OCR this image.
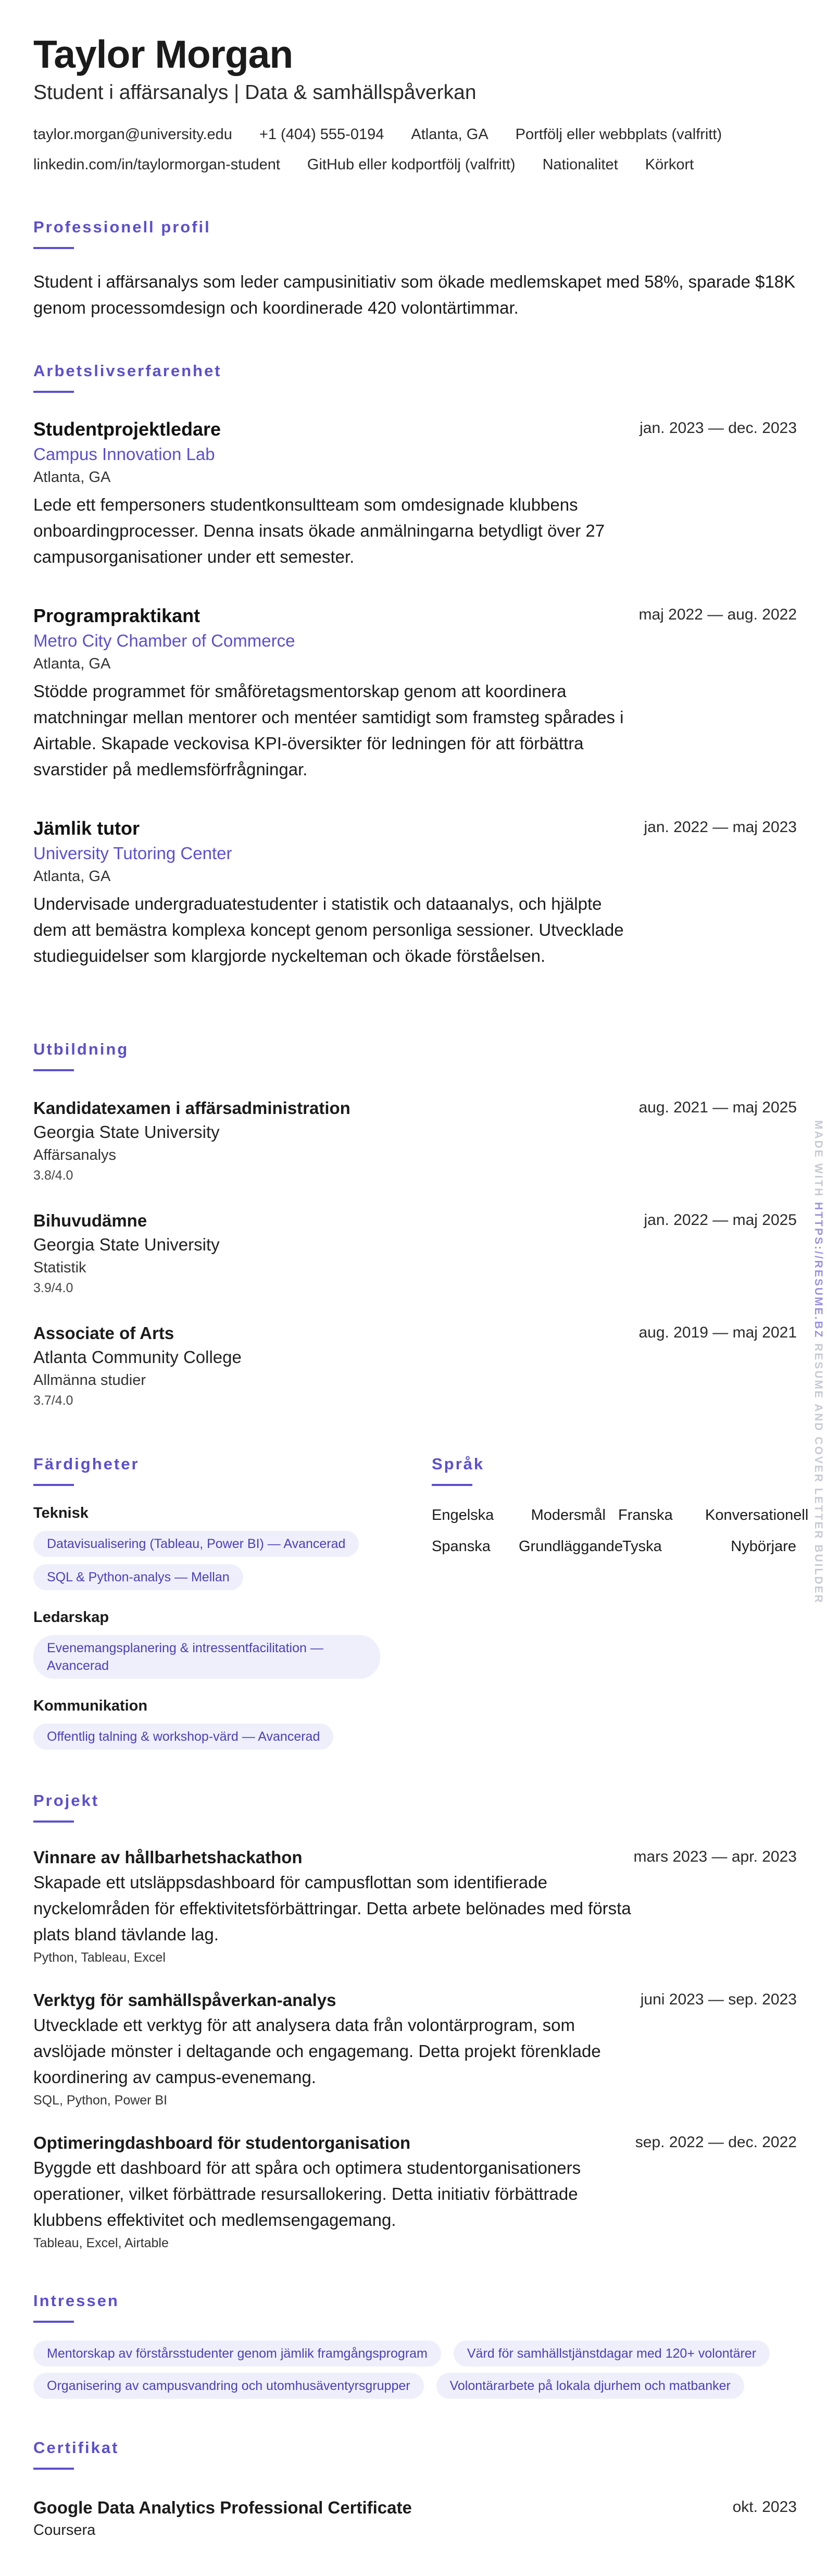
Taylor Morgan
Student i affärsanalys | Data & samhällspåverkan
taylor.morgan@university.edu +1 (404) 555-0194 Atlanta, GA Portfölj eller webbplats (valfritt)
linkedin.com/in/taylormorgan-student GitHub eller kodportfölj (valfritt) Nationalitet Körkort
Professionell profil
Student i affärsanalys som leder campusinitiativ som ökade medlemskapet med 58%, sparade $18K genom processomdesign och koordinerade 420 volontärtimmar.
Arbetslivserfarenhet
jan. 2023 — dec. 2023
Studentprojektledare
Campus Innovation Lab
Atlanta, GA
Lede ett fempersoners studentkonsultteam som omdesignade klubbens onboardingprocesser. Denna insats ökade anmälningarna betydligt över 27 campusorganisationer under ett semester.
maj 2022 — aug. 2022
Programpraktikant
Metro City Chamber of Commerce
Atlanta, GA
Stödde programmet för småföretagsmentorskap genom att koordinera matchningar mellan mentorer och mentéer samtidigt som framsteg spårades i Airtable. Skapade veckovisa KPI-översikter för ledningen för att förbättra svarstider på medlemsförfrågningar.
jan. 2022 — maj 2023
Jämlik tutor
University Tutoring Center
Atlanta, GA
Undervisade undergraduatestudenter i statistik och dataanalys, och hjälpte dem att bemästra komplexa koncept genom personliga sessioner. Utvecklade studieguidelser som klargjorde nyckelteman och ökade förståelsen.
Utbildning
aug. 2021 — maj 2025
Kandidatexamen i affärsadministration
Georgia State University
Affärsanalys
3.8/4.0
jan. 2022 — maj 2025
Bihuvudämne
Georgia State University
Statistik
3.9/4.0
aug. 2019 — maj 2021
Associate of Arts
Atlanta Community College
Allmänna studier
3.7/4.0
Färdigheter
Teknisk
Datavisualisering (Tableau, Power BI) — Avancerad
SQL & Python-analys — Mellan
Ledarskap
Evenemangsplanering & intressentfacilitation — Avancerad
Kommunikation
Offentlig talning & workshop-värd — Avancerad
Språk
Engelska	Modersmål Franska	Konversationell
Spanska	Grundläggande Tyska	Nybörjare
Projekt
mars 2023 — apr. 2023
Vinnare av hållbarhetshackathon
Skapade ett utsläppsdashboard för campusflottan som identifierade nyckelområden för effektivitetsförbättringar. Detta arbete belönades med första plats bland tävlande lag.
Python, Tableau, Excel
juni 2023 — sep. 2023
Verktyg för samhällspåverkan-analys
Utvecklade ett verktyg för att analysera data från volontärprogram, som avslöjade mönster i deltagande och engagemang. Detta projekt förenklade koordinering av campus-evenemang.
SQL, Python, Power BI
sep. 2022 — dec. 2022
Optimeringdashboard för studentorganisation
Byggde ett dashboard för att spåra och optimera studentorganisationers operationer, vilket förbättrade resursallokering. Detta initiativ förbättrade klubbens effektivitet och medlemsengagemang.
Tableau, Excel, Airtable
Intressen
Mentorskap av förstårsstudenter genom jämlik framgångsprogram	Värd för samhällstjänstdagar med 120+ volontärer
Organisering av campusvandring och utomhusäventyrsgrupper	Volontärarbete på lokala djurhem och matbanker
Certifikat
okt. 2023
Google Data Analytics Professional Certificate
Coursera
MADE WITH HTTPS://RESUME.BZ RESUME AND COVER LETTER BUILDER
